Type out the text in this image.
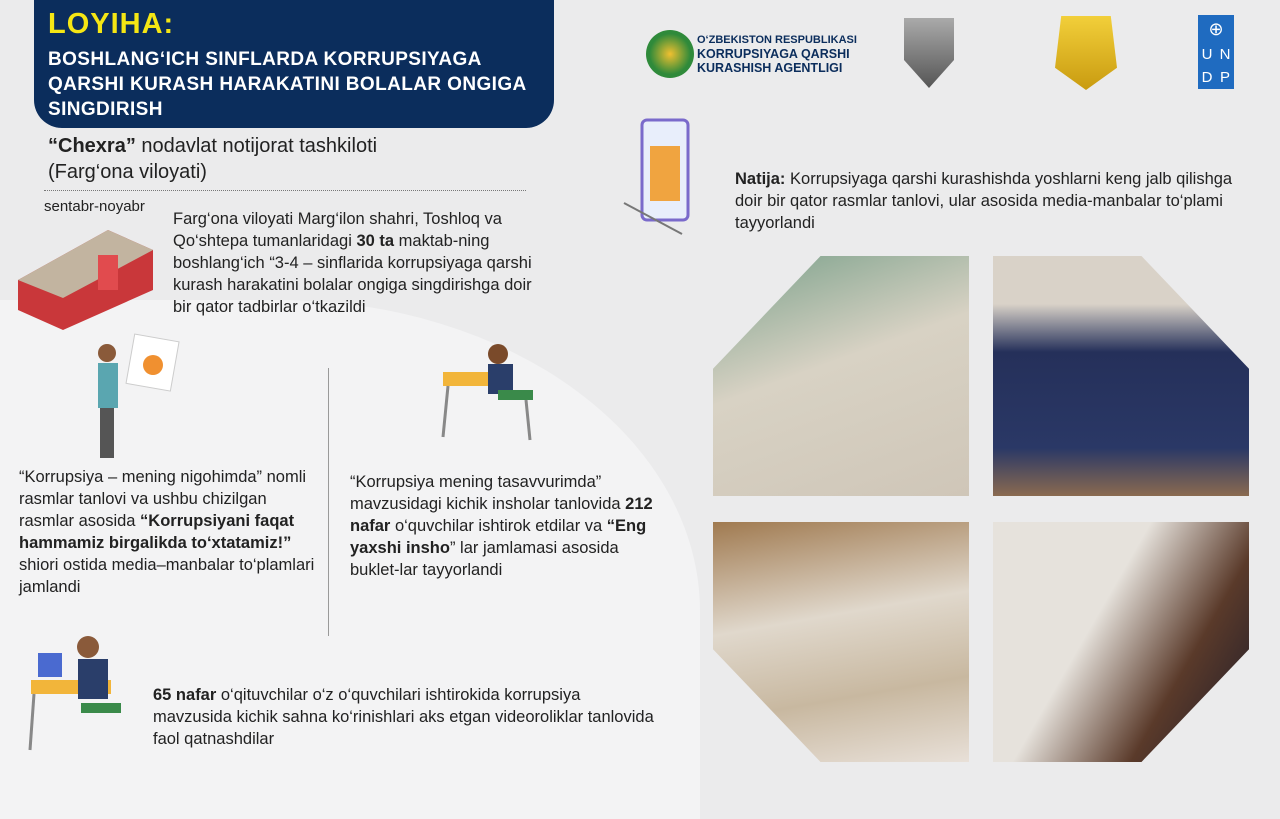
LOYIHA:
BOSHLANG‘ICH SINFLARDA KORRUPSIYAGA QARSHI KURASH HARAKATINI BOLALAR ONGIGA SINGDIRISH
“Chexra” nodavlat notijorat tashkiloti
(Farg‘ona viloyati)
sentabr-noyabr
O‘ZBEKISTON RESPUBLIKASI
KORRUPSIYAGA QARSHI
KURASHISH AGENTLIGI
⊕
U N
D P
Farg‘ona viloyati Marg‘ilon shahri, Toshloq va Qo‘shtepa tumanlaridagi 30 ta maktab-ning boshlang‘ich “3-4 – sinflarida korrupsiyaga qarshi kurash harakatini bolalar ongiga singdirishga doir bir qator tadbirlar o‘tkazildi
“Korrupsiya – mening nigohimda” nomli rasmlar tanlovi va ushbu chizilgan rasmlar asosida “Korrupsiyani faqat hammamiz birgalikda to‘xtatamiz!” shiori ostida media–manbalar to‘plamlari jamlandi
“Korrupsiya mening tasavvurimda” mavzusidagi kichik insholar tanlovida 212 nafar o‘quvchilar ishtirok etdilar va “Eng yaxshi insho” lar jamlamasi asosida buklet-lar tayyorlandi
65 nafar o‘qituvchilar o‘z o‘quvchilari ishtirokida korrupsiya mavzusida kichik sahna ko‘rinishlari aks etgan videoroliklar tanlovida faol qatnashdilar
Natija: Korrupsiyaga qarshi kurashishda yoshlarni keng jalb qilishga doir bir qator rasmlar tanlovi, ular asosida media-manbalar to‘plami tayyorlandi
